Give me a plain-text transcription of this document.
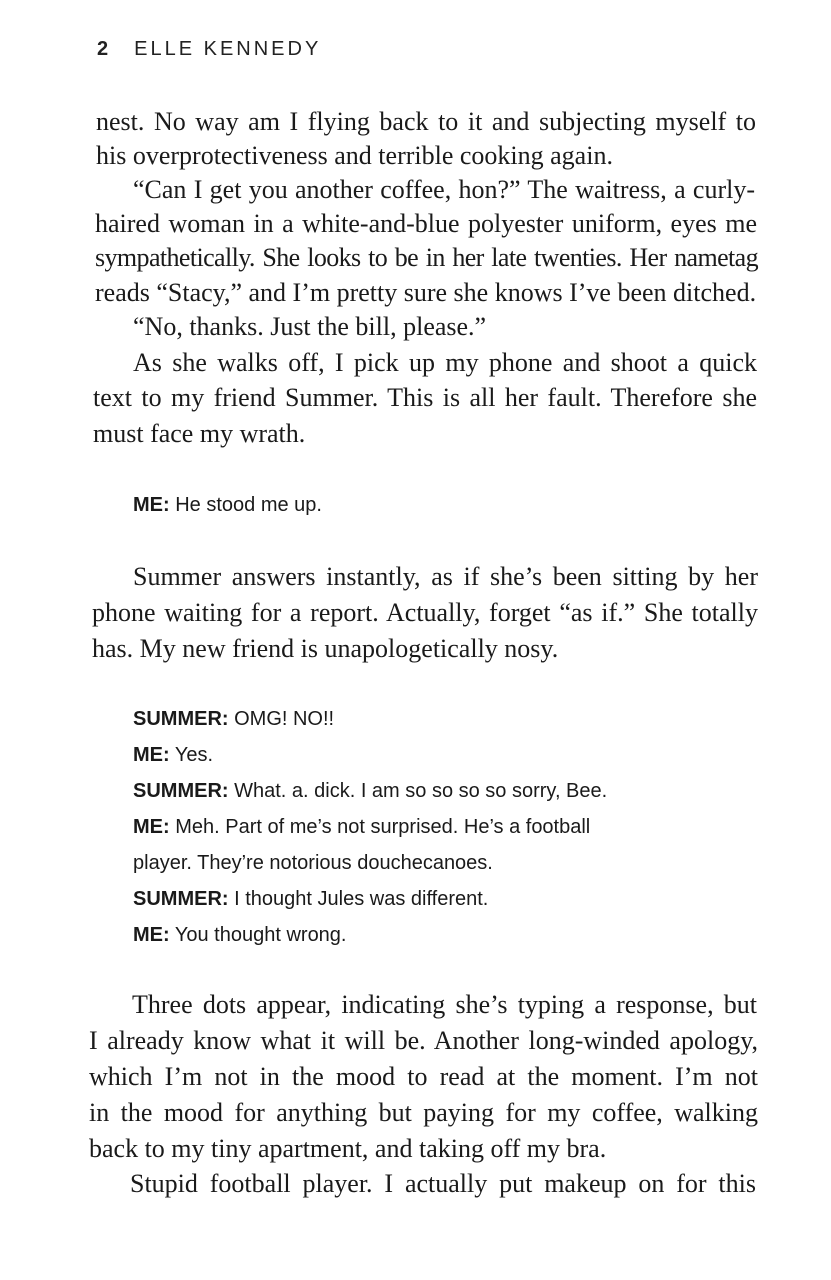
2 ELLE KENNEDY
nest. No way am I flying back to it and subjecting myself to
his overprotectiveness and terrible cooking again.
“Can I get you another coffee, hon?” The waitress, a curly-
haired woman in a white-and-blue polyester uniform, eyes me
sympathetically. She looks to be in her late twenties. Her nametag
reads “Stacy,” and I’m pretty sure she knows I’ve been ditched.
“No, thanks. Just the bill, please.”
As she walks off, I pick up my phone and shoot a quick
text to my friend Summer. This is all her fault. Therefore she
must face my wrath.
ME: He stood me up.
Summer answers instantly, as if she’s been sitting by her
phone waiting for a report. Actually, forget “as if.” She totally
has. My new friend is unapologetically nosy.
SUMMER: OMG! NO!!
ME: Yes.
SUMMER: What. a. dick. I am so so so so sorry, Bee.
ME: Meh. Part of me’s not surprised. He’s a football
player. They’re notorious douchecanoes.
SUMMER: I thought Jules was different.
ME: You thought wrong.
Three dots appear, indicating she’s typing a response, but
I already know what it will be. Another long-winded apology,
which I’m not in the mood to read at the moment. I’m not
in the mood for anything but paying for my coffee, walking
back to my tiny apartment, and taking off my bra.
Stupid football player. I actually put makeup on for this
